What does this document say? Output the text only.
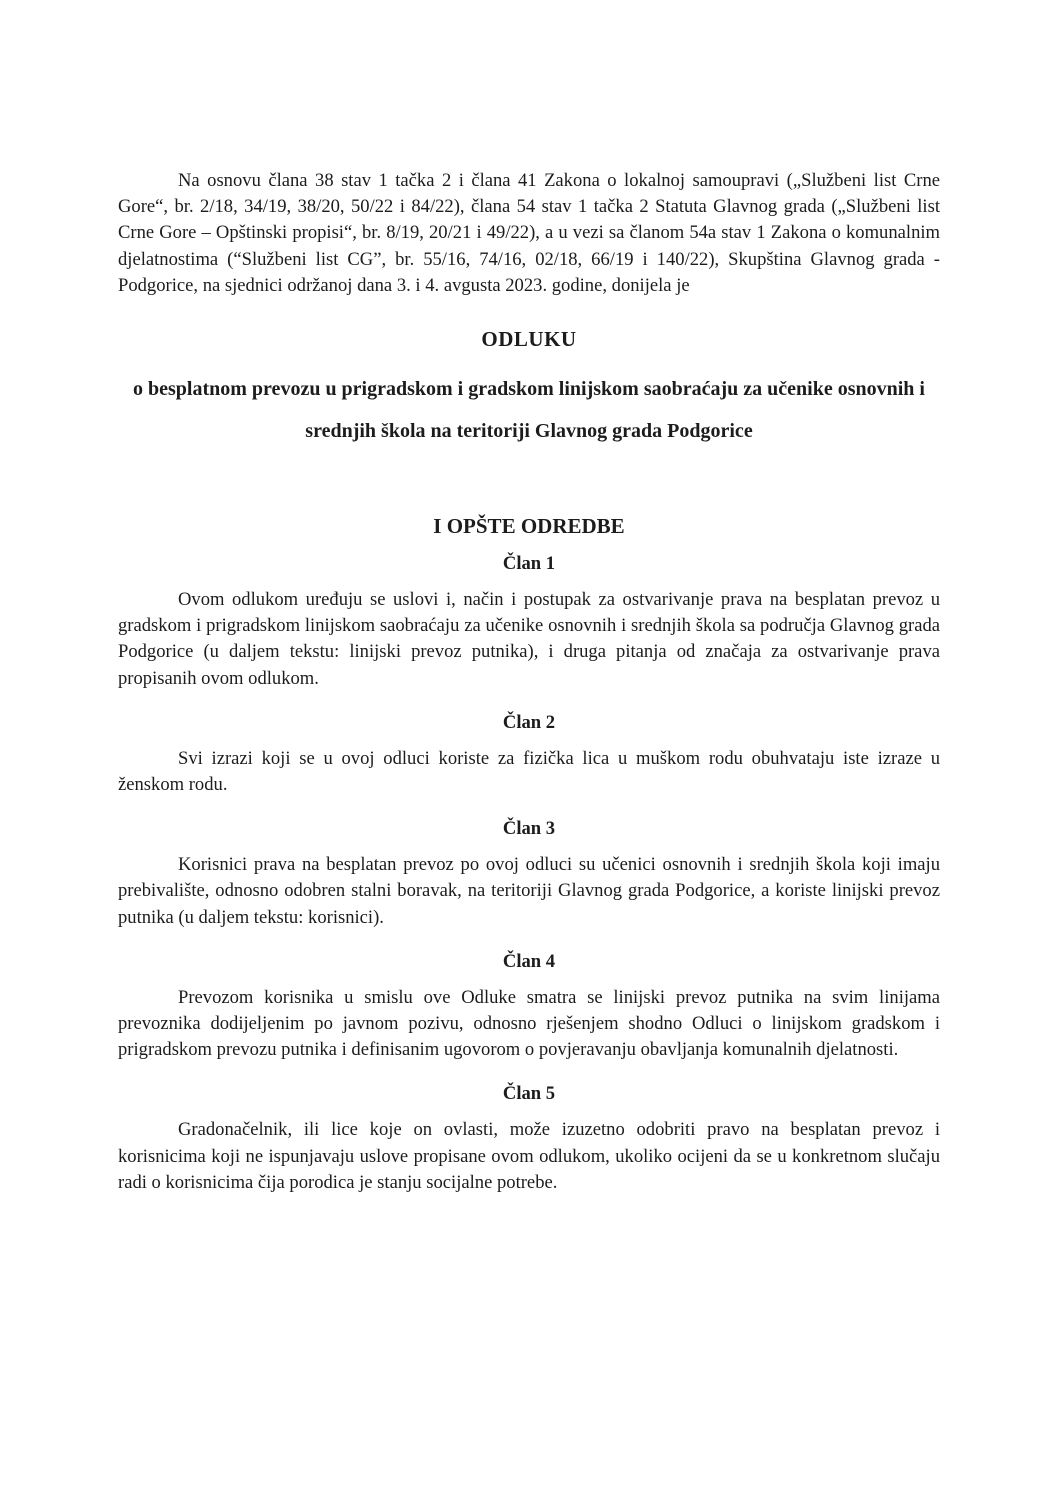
Na osnovu člana 38 stav 1 tačka 2 i člana 41 Zakona o lokalnoj samoupravi („Službeni list Crne Gore“, br. 2/18, 34/19, 38/20, 50/22 i 84/22), člana 54 stav 1 tačka 2 Statuta Glavnog grada („Službeni list Crne Gore – Opštinski propisi“, br. 8/19, 20/21 i 49/22), a u vezi sa članom 54a stav 1 Zakona o komunalnim djelatnostima (“Službeni list CG”, br. 55/16, 74/16, 02/18, 66/19 i 140/22), Skupština Glavnog grada - Podgorice, na sjednici održanoj dana 3. i 4. avgusta 2023. godine, donijela je

ODLUKU
o besplatnom prevozu u prigradskom i gradskom linijskom saobraćaju za učenike osnovnih i srednjih škola na teritoriji Glavnog grada Podgorice
I OPŠTE ODREDBE
Član 1

Ovom odlukom uređuju se uslovi i, način i postupak za ostvarivanje prava na besplatan prevoz u gradskom i prigradskom linijskom saobraćaju za učenike osnovnih i srednjih škola sa područja Glavnog grada Podgorice (u daljem tekstu: linijski prevoz putnika), i druga pitanja od značaja za ostvarivanje prava propisanih ovom odlukom.

Član 2

Svi izrazi koji se u ovoj odluci koriste za fizička lica u muškom rodu obuhvataju iste izraze u ženskom rodu.

Član 3

Korisnici prava na besplatan prevoz po ovoj odluci su učenici osnovnih i srednjih škola koji imaju prebivalište, odnosno odobren stalni boravak, na teritoriji Glavnog grada Podgorice, a koriste linijski prevoz putnika (u daljem tekstu: korisnici).

Član 4

Prevozom korisnika u smislu ove Odluke smatra se linijski prevoz putnika na svim linijama prevoznika dodijeljenim po javnom pozivu, odnosno rješenjem shodno Odluci o linijskom gradskom i prigradskom prevozu putnika i definisanim ugovorom o povjeravanju obavljanja komunalnih djelatnosti.

Član 5

Gradonačelnik, ili lice koje on ovlasti, može izuzetno odobriti pravo na besplatan prevoz i korisnicima koji ne ispunjavaju uslove propisane ovom odlukom, ukoliko ocijeni da se u konkretnom slučaju radi o korisnicima čija porodica je stanju socijalne potrebe.
